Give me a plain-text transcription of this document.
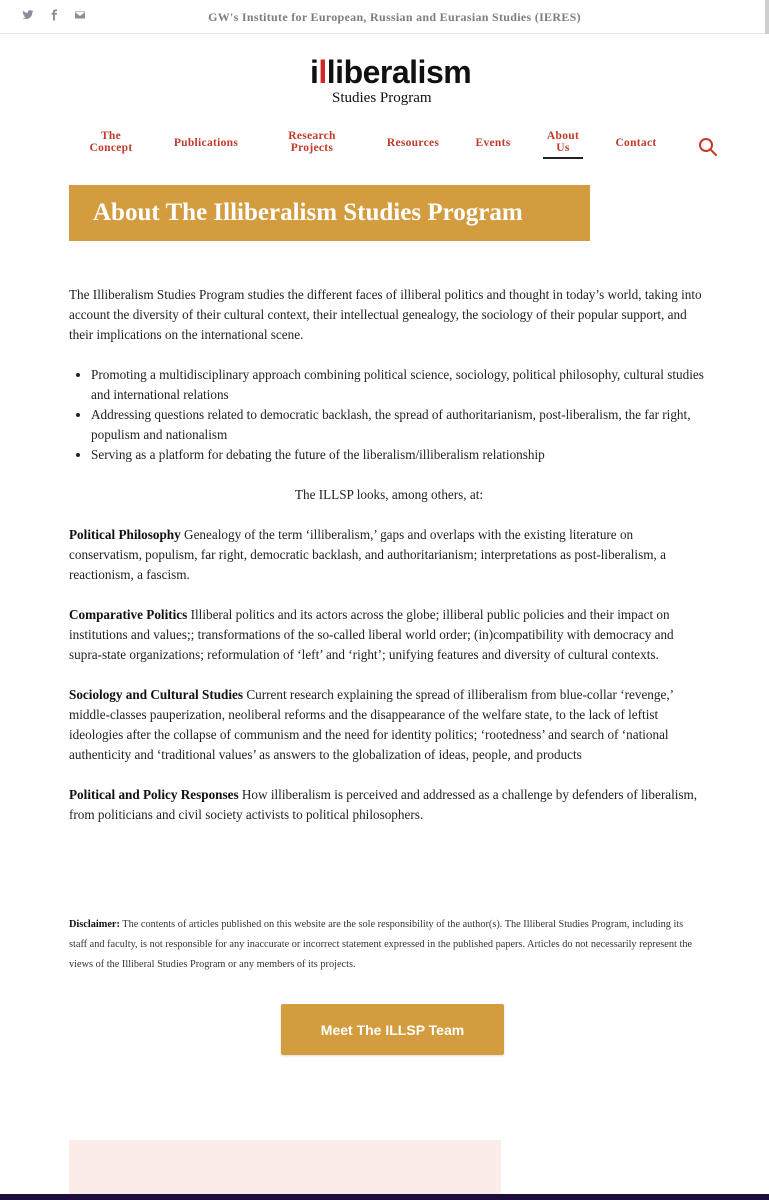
GW's Institute for European, Russian and Eurasian Studies (IERES)
illiberalism
Studies Program
The
Concept	Publications
Research
Projects	Resources	Events
About
Us	Contact
About The Illiberalism Studies Program

The Illiberalism Studies Program studies the different faces of illiberal politics and thought in today’s world, taking into account the diversity of their cultural context, their intellectual genealogy, the sociology of their popular support, and their implications on the international scene.

• Promoting a multidisciplinary approach combining political science, sociology, political philosophy, cultural studies and international relations
• Addressing questions related to democratic backlash, the spread of authoritarianism, post-liberalism, the far right, populism and nationalism
• Serving as a platform for debating the future of the liberalism/illiberalism relationship

The ILLSP looks, among others, at:

Political Philosophy Genealogy of the term ‘illiberalism,’ gaps and overlaps with the existing literature on conservatism, populism, far right, democratic backlash, and authoritarianism; interpretations as post-liberalism, a reactionism, a fascism.

Comparative Politics Illiberal politics and its actors across the globe; illiberal public policies and their impact on institutions and values;; transformations of the so-called liberal world order; (in)compatibility with democracy and supra-state organizations; reformulation of ‘left’ and ‘right’; unifying features and diversity of cultural contexts.

Sociology and Cultural Studies Current research explaining the spread of illiberalism from blue-collar ‘revenge,’ middle-classes pauperization, neoliberal reforms and the disappearance of the welfare state, to the lack of leftist ideologies after the collapse of communism and the need for identity politics; ‘rootedness’ and search of ‘national authenticity and ‘traditional values’ as answers to the globalization of ideas, people, and products

Political and Policy Responses How illiberalism is perceived and addressed as a challenge by defenders of liberalism, from politicians and civil society activists to political philosophers.

Disclaimer: The contents of articles published on this website are the sole responsibility of the author(s). The Illiberal Studies Program, including its staff and faculty, is not responsible for any inaccurate or incorrect statement expressed in the published papers. Articles do not necessarily represent the views of the Illiberal Studies Program or any members of its projects.
Meet The ILLSP Team
